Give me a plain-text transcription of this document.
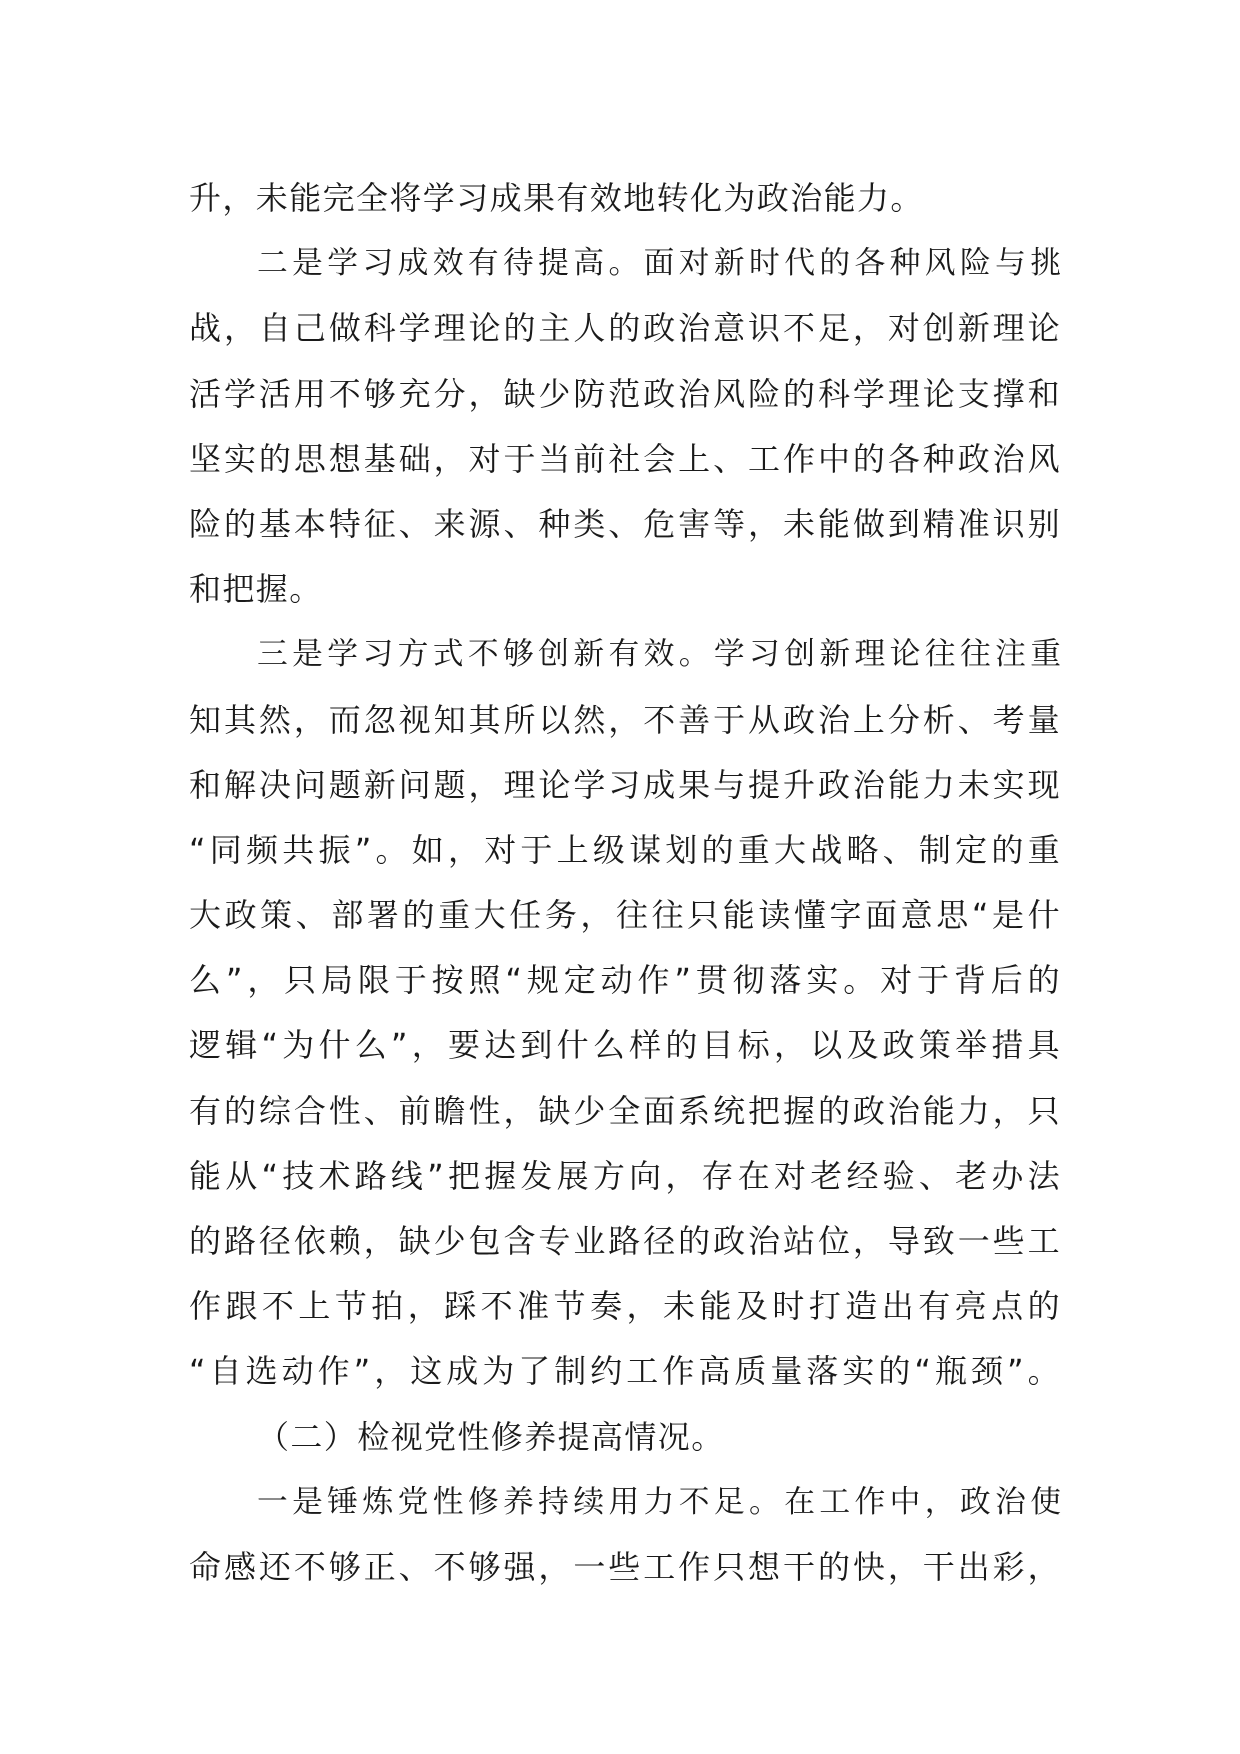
升，未能完全将学习成果有效地转化为政治能力。
二是学习成效有待提高。面对新时代的各种风险与挑
战，自己做科学理论的主人的政治意识不足，对创新理论
活学活用不够充分，缺少防范政治风险的科学理论支撑和
坚实的思想基础，对于当前社会上、工作中的各种政治风
险的基本特征、来源、种类、危害等，未能做到精准识别
和把握。
三是学习方式不够创新有效。学习创新理论往往注重
知其然，而忽视知其所以然，不善于从政治上分析、考量
和解决问题新问题，理论学习成果与提升政治能力未实现
“同频共振”。如，对于上级谋划的重大战略、制定的重
大政策、部署的重大任务，往往只能读懂字面意思“是什
么”，只局限于按照“规定动作”贯彻落实。对于背后的
逻辑“为什么”，要达到什么样的目标，以及政策举措具
有的综合性、前瞻性，缺少全面系统把握的政治能力，只
能从“技术路线”把握发展方向，存在对老经验、老办法
的路径依赖，缺少包含专业路径的政治站位，导致一些工
作跟不上节拍，踩不准节奏，未能及时打造出有亮点的
“自选动作”，这成为了制约工作高质量落实的“瓶颈”。
（二）检视党性修养提高情况。
一是锤炼党性修养持续用力不足。在工作中，政治使
命感还不够正、不够强，一些工作只想干的快，干出彩，
